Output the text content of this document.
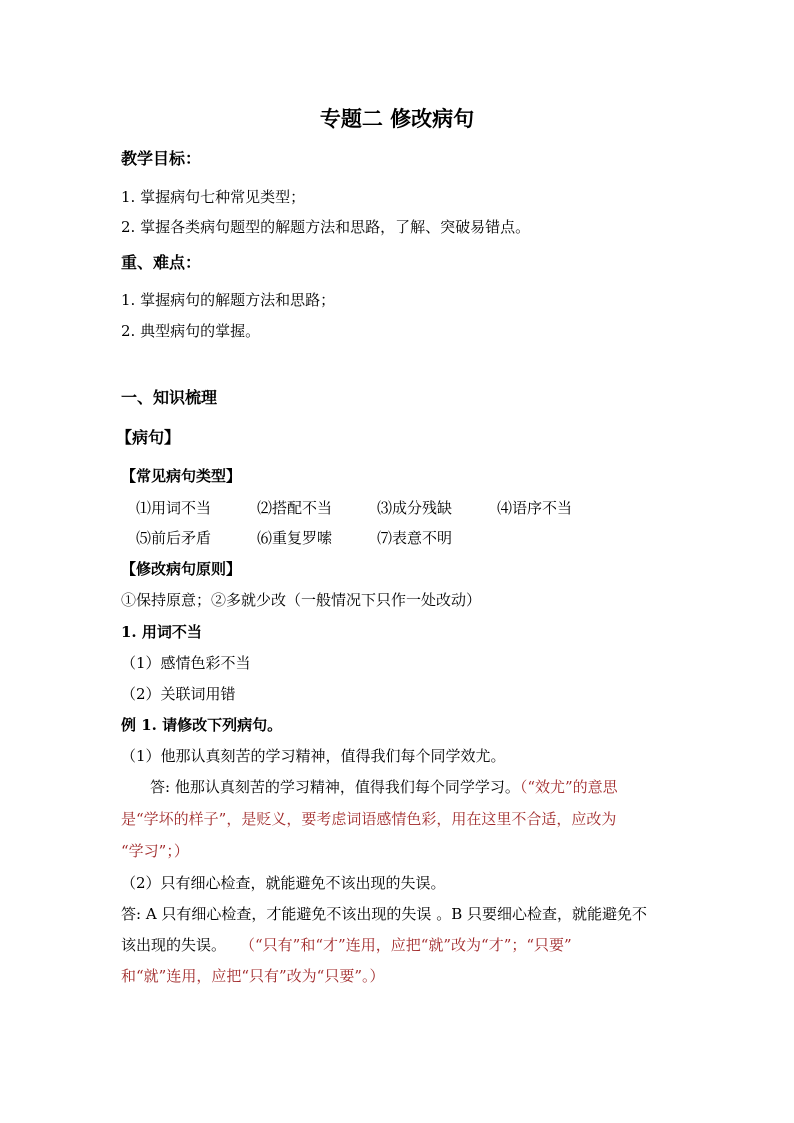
专题二 修改病句
教学目标：
1. 掌握病句七种常见类型；
2. 掌握各类病句题型的解题方法和思路，了解、突破易错点。
重、难点：
1. 掌握病句的解题方法和思路；
2. 典型病句的掌握。
一、知识梳理
【病句】
【常见病句类型】
⑴用词不当	⑵搭配不当	⑶成分残缺	⑷语序不当
⑸前后矛盾	⑹重复罗嗦	⑺表意不明
【修改病句原则】
①保持原意；②多就少改（一般情况下只作一处改动）
1. 用词不当
（1）感情色彩不当
（2）关联词用错
例 1. 请修改下列病句。
（1）他那认真刻苦的学习精神，值得我们每个同学效尤。
答: 他那认真刻苦的学习精神，值得我们每个同学学习。（“效尤”的意思
是“学坏的样子”，是贬义，要考虑词语感情色彩，用在这里不合适，应改为
“学习”；）
（2）只有细心检查，就能避免不该出现的失误。
答: A 只有细心检查，才能避免不该出现的失误 。B 只要细心检查，就能避免不
该出现的失误。 （“只有”和“才”连用，应把“就”改为“才”；“只要”
和“就”连用，应把“只有”改为“只要”。）
